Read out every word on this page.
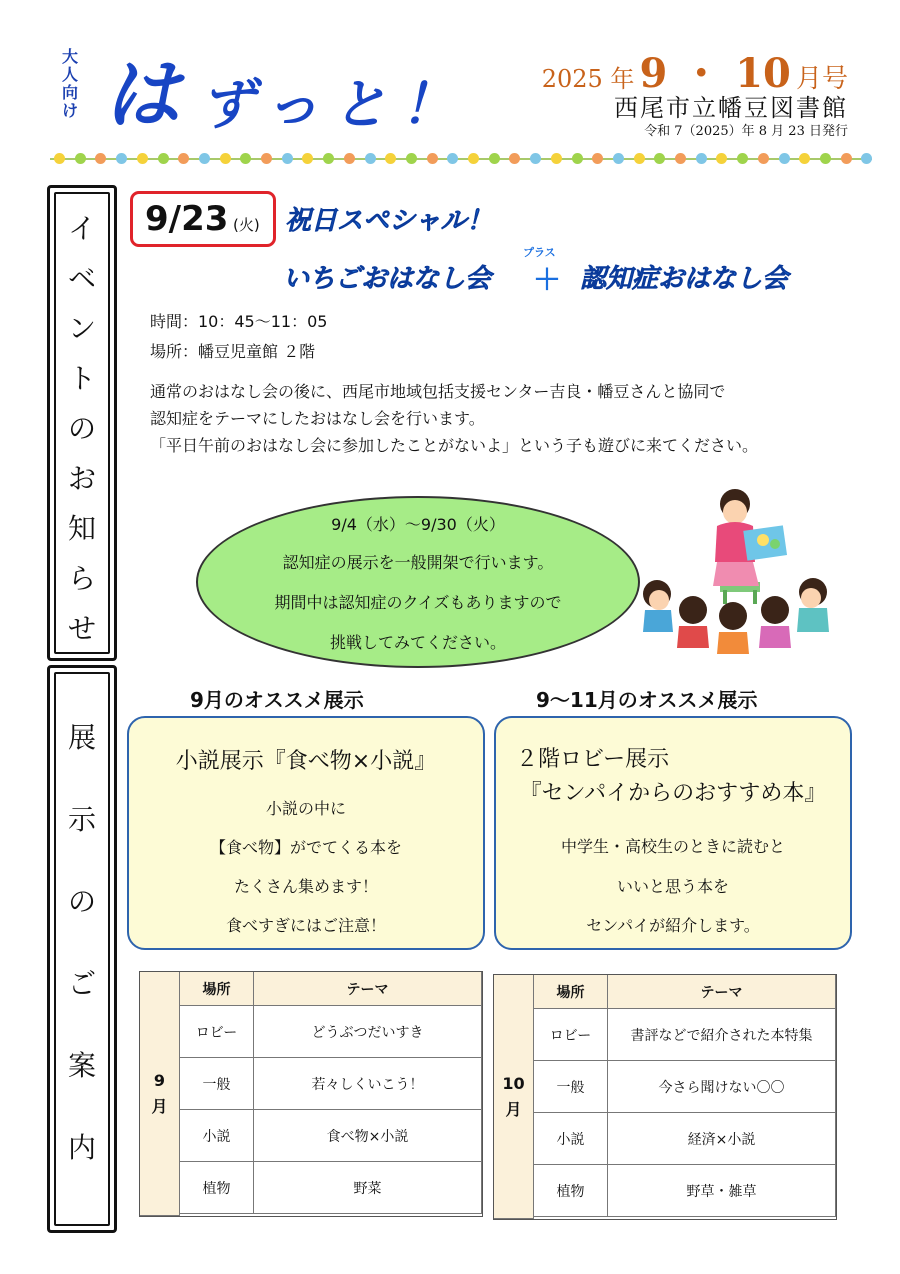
大人向け は ずっと！	2025 年 9 ・ 10 月号
西尾市立幡豆図書館
令和 7（2025）年 8 月 23 日発行
イ
ベ
ン
ト
の
お
知
ら
せ
展
示
の
ご
案
内
9/23 (火) 祝日スペシャル！
いちごおはなし会
プラス
＋ 認知症おはなし会
時間：10：45～11：05
場所：幡豆児童館 ２階
通常のおはなし会の後に、西尾市地域包括支援センター吉良・幡豆さんと協同で
認知症をテーマにしたおはなし会を行います。
「平日午前のおはなし会に参加したことがないよ」という子も遊びに来てください。
9/4（水）～9/30（火）
認知症の展示を一般開架で行います。
期間中は認知症のクイズもありますので
挑戦してみてください。
9月のオススメ展示	9～11月のオススメ展示
小説展示『食べ物×小説』
小説の中に
【食べ物】がでてくる本を
たくさん集めます！
食べすぎにはご注意！
２階ロビー展示
『センパイからのおすすめ本』
中学生・高校生のときに読むと
いいと思う本を
センパイが紹介します。
9
月
場所	テーマ
ロビー	どうぶつだいすき
一般	若々しくいこう！
小説	食べ物×小説
植物	野菜
10
月
場所	テーマ
ロビー	書評などで紹介された本特集
一般	今さら聞けない〇〇
小説	経済×小説
植物	野草・雑草
